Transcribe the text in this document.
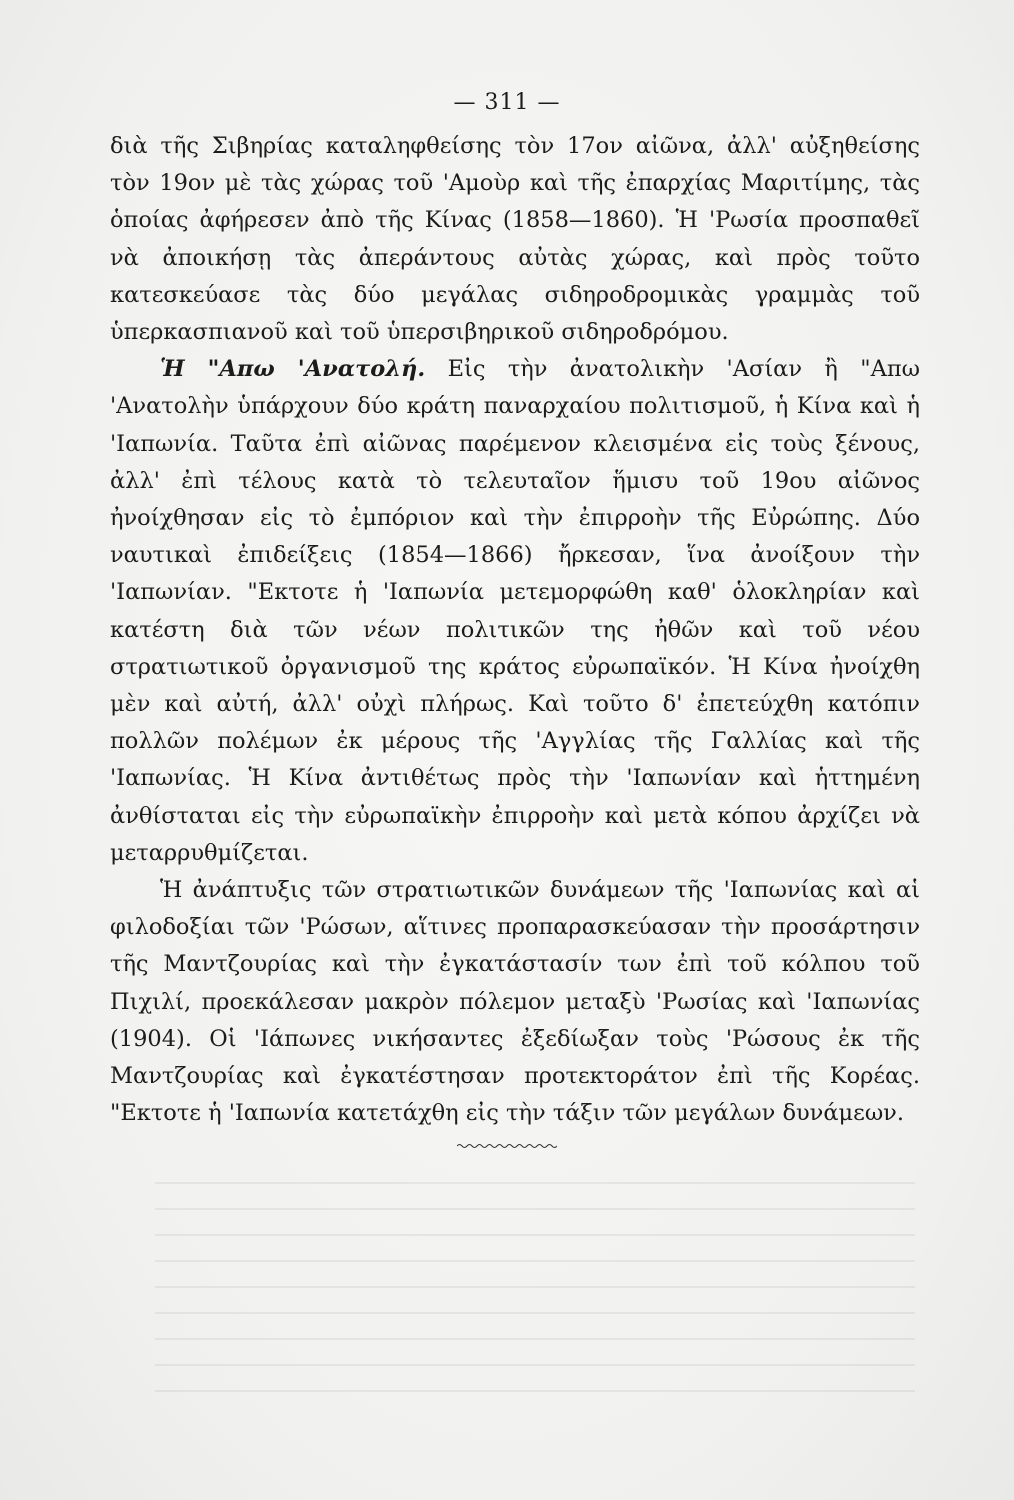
— 311 —

διὰ τῆς Σιβηρίας καταληφθείσης τὸν 17ον αἰῶνα, ἀλλ' αὐξηθείσης τὸν 19ον μὲ τὰς χώρας τοῦ 'Αμοὺρ καὶ τῆς ἐπαρχίας Μαριτίμης, τὰς ὁποίας ἀφήρεσεν ἀπὸ τῆς Κίνας (1858—1860). Ἡ 'Ρωσία προσπαθεῖ νὰ ἀποικήσῃ τὰς ἀπεράντους αὐτὰς χώρας, καὶ πρὸς τοῦτο κατεσκεύασε τὰς δύο μεγάλας σιδηροδρομικὰς γραμμὰς τοῦ ὑπερκασπιανοῦ καὶ τοῦ ὑπερσιβηρικοῦ σιδηροδρόμου.

Ἡ "Απω 'Ανατολή. Εἰς τὴν ἀνατολικὴν 'Ασίαν ἢ "Απω 'Ανατολὴν ὑπάρχουν δύο κράτη παναρχαίου πολιτισμοῦ, ἡ Κίνα καὶ ἡ 'Ιαπωνία. Ταῦτα ἐπὶ αἰῶνας παρέμενον κλεισμένα εἰς τοὺς ξένους, ἀλλ' ἐπὶ τέλους κατὰ τὸ τελευταῖον ἥμισυ τοῦ 19ου αἰῶνος ἠνοίχθησαν εἰς τὸ ἐμπόριον καὶ τὴν ἐπιρροὴν τῆς Εὐρώπης. Δύο ναυτικαὶ ἐπιδείξεις (1854—1866) ἤρκεσαν, ἵνα ἀνοίξουν τὴν 'Ιαπωνίαν. "Εκτοτε ἡ 'Ιαπωνία μετεμορφώθη καθ' ὁλοκληρίαν καὶ κατέστη διὰ τῶν νέων πολιτικῶν της ἠθῶν καὶ τοῦ νέου στρατιωτικοῦ ὀργανισμοῦ της κράτος εὐρωπαϊκόν. Ἡ Κίνα ἠνοίχθη μὲν καὶ αὐτή, ἀλλ' οὐχὶ πλήρως. Καὶ τοῦτο δ' ἐπετεύχθη κατόπιν πολλῶν πολέμων ἐκ μέρους τῆς 'Αγγλίας τῆς Γαλλίας καὶ τῆς 'Ιαπωνίας. Ἡ Κίνα ἀντιθέτως πρὸς τὴν 'Ιαπωνίαν καὶ ἡττημένη ἀνθίσταται εἰς τὴν εὐρωπαϊκὴν ἐπιρροὴν καὶ μετὰ κόπου ἀρχίζει νὰ μεταρρυθμίζεται.

Ἡ ἀνάπτυξις τῶν στρατιωτικῶν δυνάμεων τῆς 'Ιαπωνίας καὶ αἱ φιλοδοξίαι τῶν 'Ρώσων, αἵτινες προπαρασκεύασαν τὴν προσάρτησιν τῆς Μαντζουρίας καὶ τὴν ἐγκατάστασίν των ἐπὶ τοῦ κόλπου τοῦ Πιχιλί, προεκάλεσαν μακρὸν πόλεμον μεταξὺ 'Ρωσίας καὶ 'Ιαπωνίας (1904). Οἱ 'Ιάπωνες νικήσαντες ἐξεδίωξαν τοὺς 'Ρώσους ἐκ τῆς Μαντζουρίας καὶ ἐγκατέστησαν προτεκτοράτον ἐπὶ τῆς Κορέας. "Εκτοτε ἡ 'Ιαπωνία κατετάχθη εἰς τὴν τάξιν τῶν μεγάλων δυνάμεων.
